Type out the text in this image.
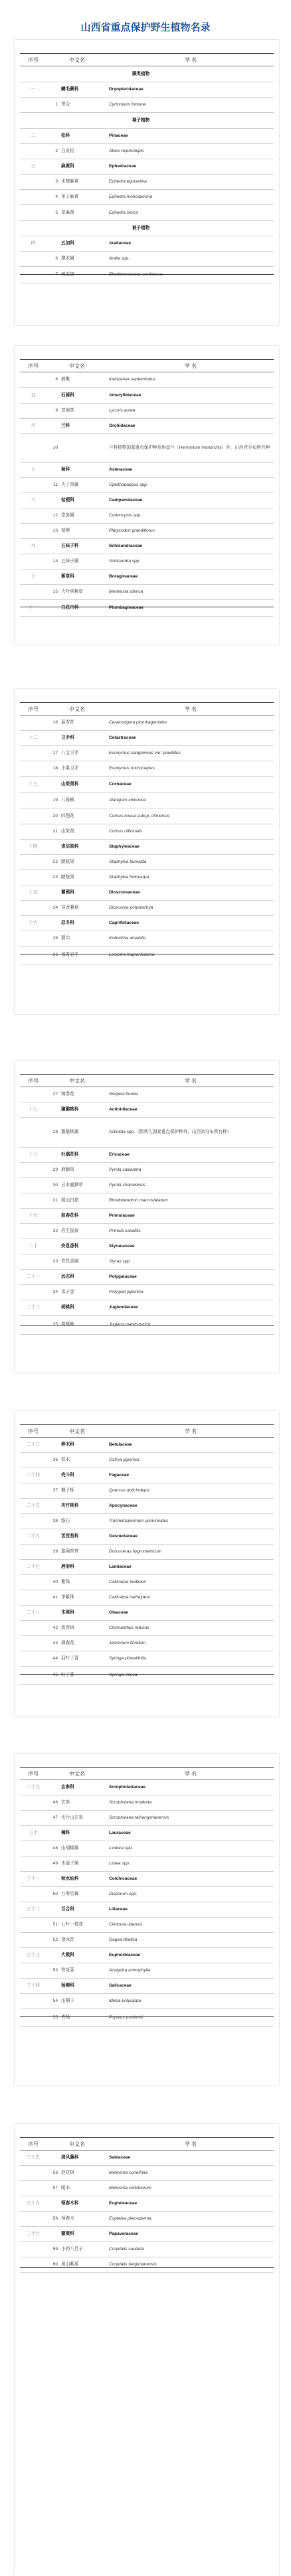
山西省重点保护野生植物名录
序号	中文名	学 名
蕨类植物
一	鳞毛蕨科	Dryopteridaceae
1 贯众	Cyrtomium fortunei
裸子植物
二	松科	Pinaceae
2 白皮松	Abies nephrolepis
三	麻黄科	Ephedraceae
3 木贼麻黄	Ephedra equisetina
4 单子麻黄	Ephedra monosperma
5 草麻黄	Ephedra sinica
被子植物
四	五加科	Araliaceae
6 楤木属	Aralia spp.
7 刺五加	Eleutherococcus senticosus
序号	中文名	学 名
8 刺楸	Kalopanax septemlobus
五	石蒜科	Amaryllidaceae
9 忽地笑	Lycoris aurea
六	兰科	Orchidaceae
10	兰科植物国家重点保护种及角盘兰（Herminium monorchis）外，山西省分布所有种
七	菊科	Asteraceae
11 大丁草属	Opisthopappus spp.
八	桔梗科	Campanulaceae
12 党参属	Codonopsis spp.
13 桔梗	Platycodon grandiflorus
九	五味子科	Schisandraceae
14 五味子属	Schisandra spp.
十	紫草科	Boraginaceae
15 大叶滨紫草	Mertensia sibirica
十一	白花丹科	Plumbaginaceae
序号	中文名	学 名
16 蓝雪花	Ceratostigma plumbaginoides
十二	卫矛科	Celastraceae
17 八宝卫矛	Euonymus sanguineus var. paedidus
18 小果卫矛	Euonymus microcarpus
十三	山茱萸科	Cornaceae
19 八角枫	Alangium chinense
20 四照花	Cornus kousa subsp. chinensis
21 山茱萸	Cornus officinalis
十四	省沽油科	Staphyleaceae
22 膀胱果	Staphylea bumalda
23 膀胱果	Staphylea holocarpa
十五	薯蓣科	Dioscoreaceae
24 穿龙薯蓣	Dioscorea polystachya
十六	忍冬科	Caprifoliaceae
25 猬实	Kolkwitzia amabilis
26 郁香忍冬	Lonicera fragrantissima
序号	中文名	学 名
27 锦带花	Weigela florida
十七	猕猴桃科	Actinidiaceae
28 猕猴桃属	Actinidia spp.（除列入国家重点保护种外，山西省分布所有种）
十八	杜鹃花科	Ericaceae
29 鹿蹄草	Pyrola calliantha
30 日本鹿蹄草	Pyrola shanxiensis
31 照山白花	Rhododendron macrostalatum
十九	报春花科	Primulaceae
32 岩生报春	Primula saxatilis
二十	安息香科	Styracaceae
33 安息香属	Styrax spp.
二十一	远志科	Polygalaceae
34 瓜子金	Polygala japonica
二十二	胡桃科	Juglandaceae
35 胡桃楸	Juglans mandshurica
序号	中文名	学 名
二十三	桦木科	Betulaceae
36 铁木	Ostrya japonica
二十四	壳斗科	Fagaceae
37 橿子栎	Quercus dolicholepis
二十五	夹竹桃科	Apocynaceae
38 络石	Trachelospermum jasminoides
二十六	苦苣苔科	Gesneriaceae
39 旋蒴苣苔	Dorcoceras hygrometricum
二十七	唇形科	Lamiaceae
40 紫珠	Callicarpa bodinieri
41 华紫珠	Callicarpa cathayana
二十八	木犀科	Oleaceae
42 流苏树	Chionanthus retusus
43 探春花	Jasminum floridum
44 羽叶丁香	Syringa pinnatifolia
45 红丁香	Syringa villosa
序号	中文名	学 名
二十九	玄参科	Scrophulariaceae
46 玄参	Scrophularia modesta
47 太行山玄参	Scrophularia taihangshanensis
三十	樟科	Lauraceae
48 山胡椒属	Lindera spp.
49 木姜子属	Litsea spp.
三十一	秋水仙科	Colchicaceae
50 万寿竹属	Disporum spp.
三十二	百合科	Liliaceae
51 七叶一枝花	Clintonia udensis
52 顶冰花	Gagea tibetica
三十三	大戟科	Euphorbiaceae
53 铁苋菜	Acalypha acmophylla
三十四	杨柳科	Salicaceae
54 山桐子	Idesia polycarpa
55 青杨	Populus purdomii
序号	中文名	学 名
三十五	清风藤科	Sabiaceae
56 泡花树	Meliosma cuneifolia
57 暖木	Meliosma veitchiorum
三十六	领春木科	Eupteleaceae
58 领春木	Euptelea pleiosperma
三十七	罂粟科	Papaveraceae
59 小药八旦子	Corydalis caudata
60 房山紫堇	Corydalis fangshanensis
